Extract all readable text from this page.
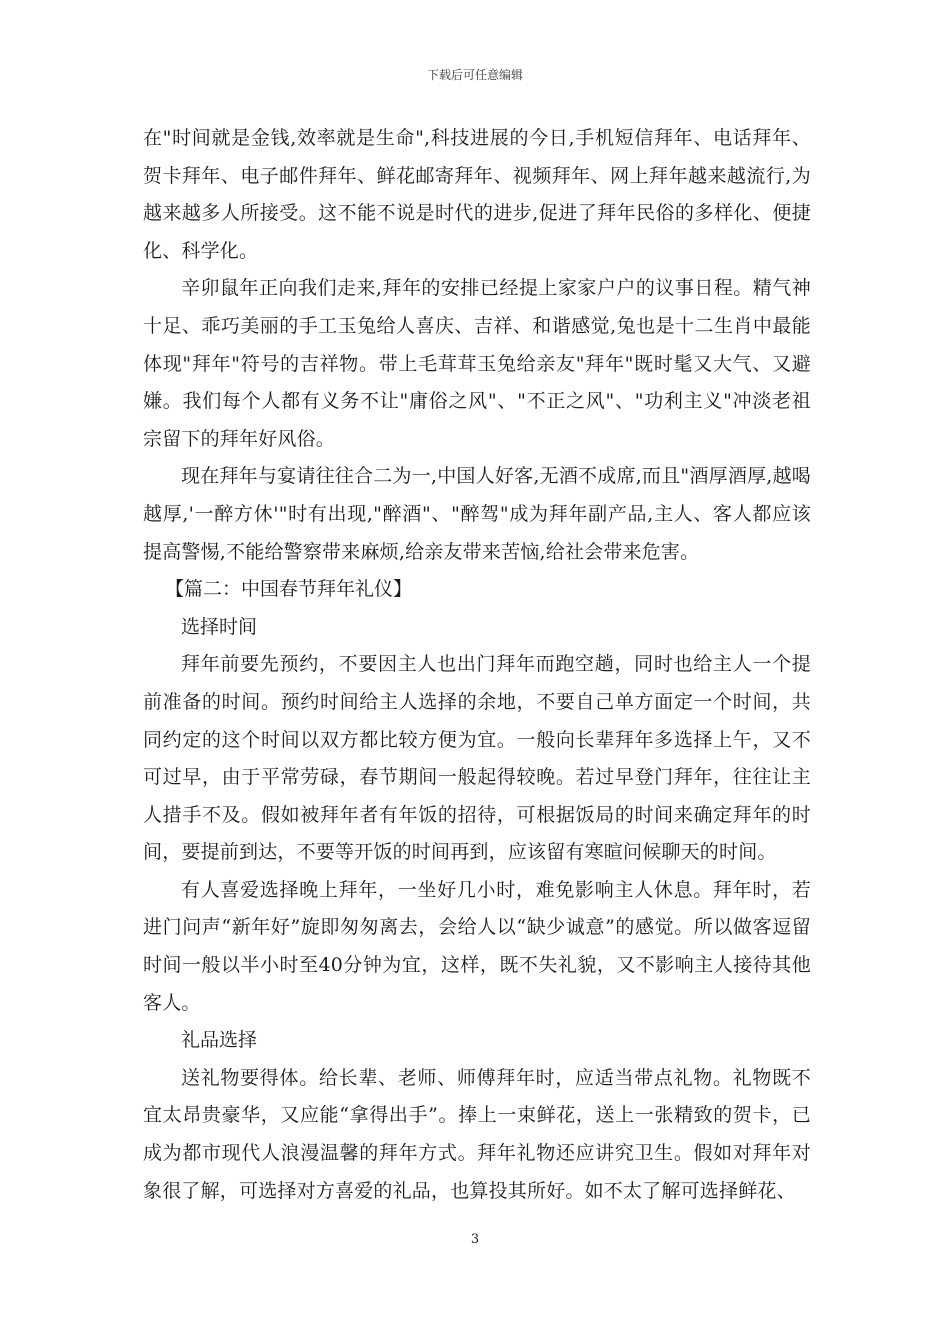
下载后可任意编辑

在"时间就是金钱,效率就是生命",科技进展的今日,手机短信拜年、电话拜年、贺卡拜年、电子邮件拜年、鲜花邮寄拜年、视频拜年、网上拜年越来越流行,为越来越多人所接受。这不能不说是时代的进步,促进了拜年民俗的多样化、便捷化、科学化。

辛卯鼠年正向我们走来,拜年的安排已经提上家家户户的议事日程。精气神十足、乖巧美丽的手工玉兔给人喜庆、吉祥、和谐感觉,兔也是十二生肖中最能体现"拜年"符号的吉祥物。带上毛茸茸玉兔给亲友"拜年"既时髦又大气、又避嫌。我们每个人都有义务不让"庸俗之风"、"不正之风"、"功利主义"冲淡老祖宗留下的拜年好风俗。

现在拜年与宴请往往合二为一,中国人好客,无酒不成席,而且"酒厚酒厚,越喝越厚,'一醉方休'"时有出现,"醉酒"、"醉驾"成为拜年副产品,主人、客人都应该提高警惕,不能给警察带来麻烦,给亲友带来苦恼,给社会带来危害。

【篇二：中国春节拜年礼仪】

选择时间

拜年前要先预约，不要因主人也出门拜年而跑空趟，同时也给主人一个提前准备的时间。预约时间给主人选择的余地，不要自己单方面定一个时间，共同约定的这个时间以双方都比较方便为宜。一般向长辈拜年多选择上午，又不可过早，由于平常劳碌，春节期间一般起得较晚。若过早登门拜年，往往让主人措手不及。假如被拜年者有年饭的招待，可根据饭局的时间来确定拜年的时间，要提前到达，不要等开饭的时间再到，应该留有寒暄问候聊天的时间。

有人喜爱选择晚上拜年，一坐好几小时，难免影响主人休息。拜年时，若进门问声“新年好”旋即匆匆离去，会给人以“缺少诚意”的感觉。所以做客逗留时间一般以半小时至40分钟为宜，这样，既不失礼貌，又不影响主人接待其他客人。

礼品选择

送礼物要得体。给长辈、老师、师傅拜年时，应适当带点礼物。礼物既不宜太昂贵豪华，又应能“拿得出手”。捧上一束鲜花，送上一张精致的贺卡，已成为都市现代人浪漫温馨的拜年方式。拜年礼物还应讲究卫生。假如对拜年对象很了解，可选择对方喜爱的礼品，也算投其所好。如不太了解可选择鲜花、

3
